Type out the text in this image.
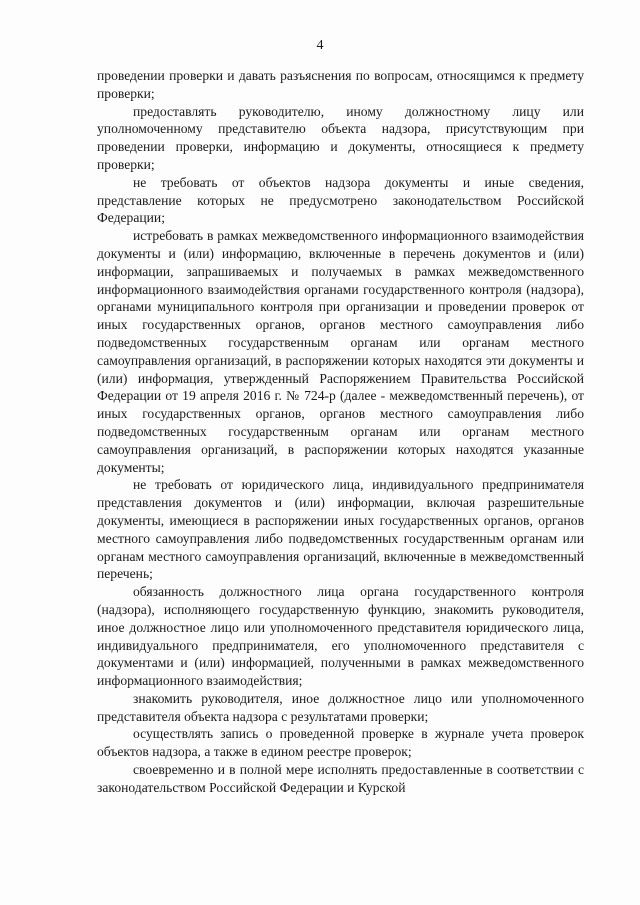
4

проведении проверки и давать разъяснения по вопросам, относящимся к предмету проверки;

предоставлять руководителю, иному должностному лицу или уполномоченному представителю объекта надзора, присутствующим при проведении проверки, информацию и документы, относящиеся к предмету проверки;

не требовать от объектов надзора документы и иные сведения, представление которых не предусмотрено законодательством Российской Федерации;

истребовать в рамках межведомственного информационного взаимодействия документы и (или) информацию, включенные в перечень документов и (или) информации, запрашиваемых и получаемых в рамках межведомственного информационного взаимодействия органами государственного контроля (надзора), органами муниципального контроля при организации и проведении проверок от иных государственных органов, органов местного самоуправления либо подведомственных государственным органам или органам местного самоуправления организаций, в распоряжении которых находятся эти документы и (или) информация, утвержденный Распоряжением Правительства Российской Федерации от 19 апреля 2016 г. № 724-р (далее - межведомственный перечень), от иных государственных органов, органов местного самоуправления либо подведомственных государственным органам или органам местного самоуправления организаций, в распоряжении которых находятся указанные документы;

не требовать от юридического лица, индивидуального предпринимателя представления документов и (или) информации, включая разрешительные документы, имеющиеся в распоряжении иных государственных органов, органов местного самоуправления либо подведомственных государственным органам или органам местного самоуправления организаций, включенные в межведомственный перечень;

обязанность должностного лица органа государственного контроля (надзора), исполняющего государственную функцию, знакомить руководителя, иное должностное лицо или уполномоченного представителя юридического лица, индивидуального предпринимателя, его уполномоченного представителя с документами и (или) информацией, полученными в рамках межведомственного информационного взаимодействия;

знакомить руководителя, иное должностное лицо или уполномоченного представителя объекта надзора с результатами проверки;

осуществлять запись о проведенной проверке в журнале учета проверок объектов надзора, а также в едином реестре проверок;

своевременно и в полной мере исполнять предоставленные в соответствии с законодательством Российской Федерации и Курской
